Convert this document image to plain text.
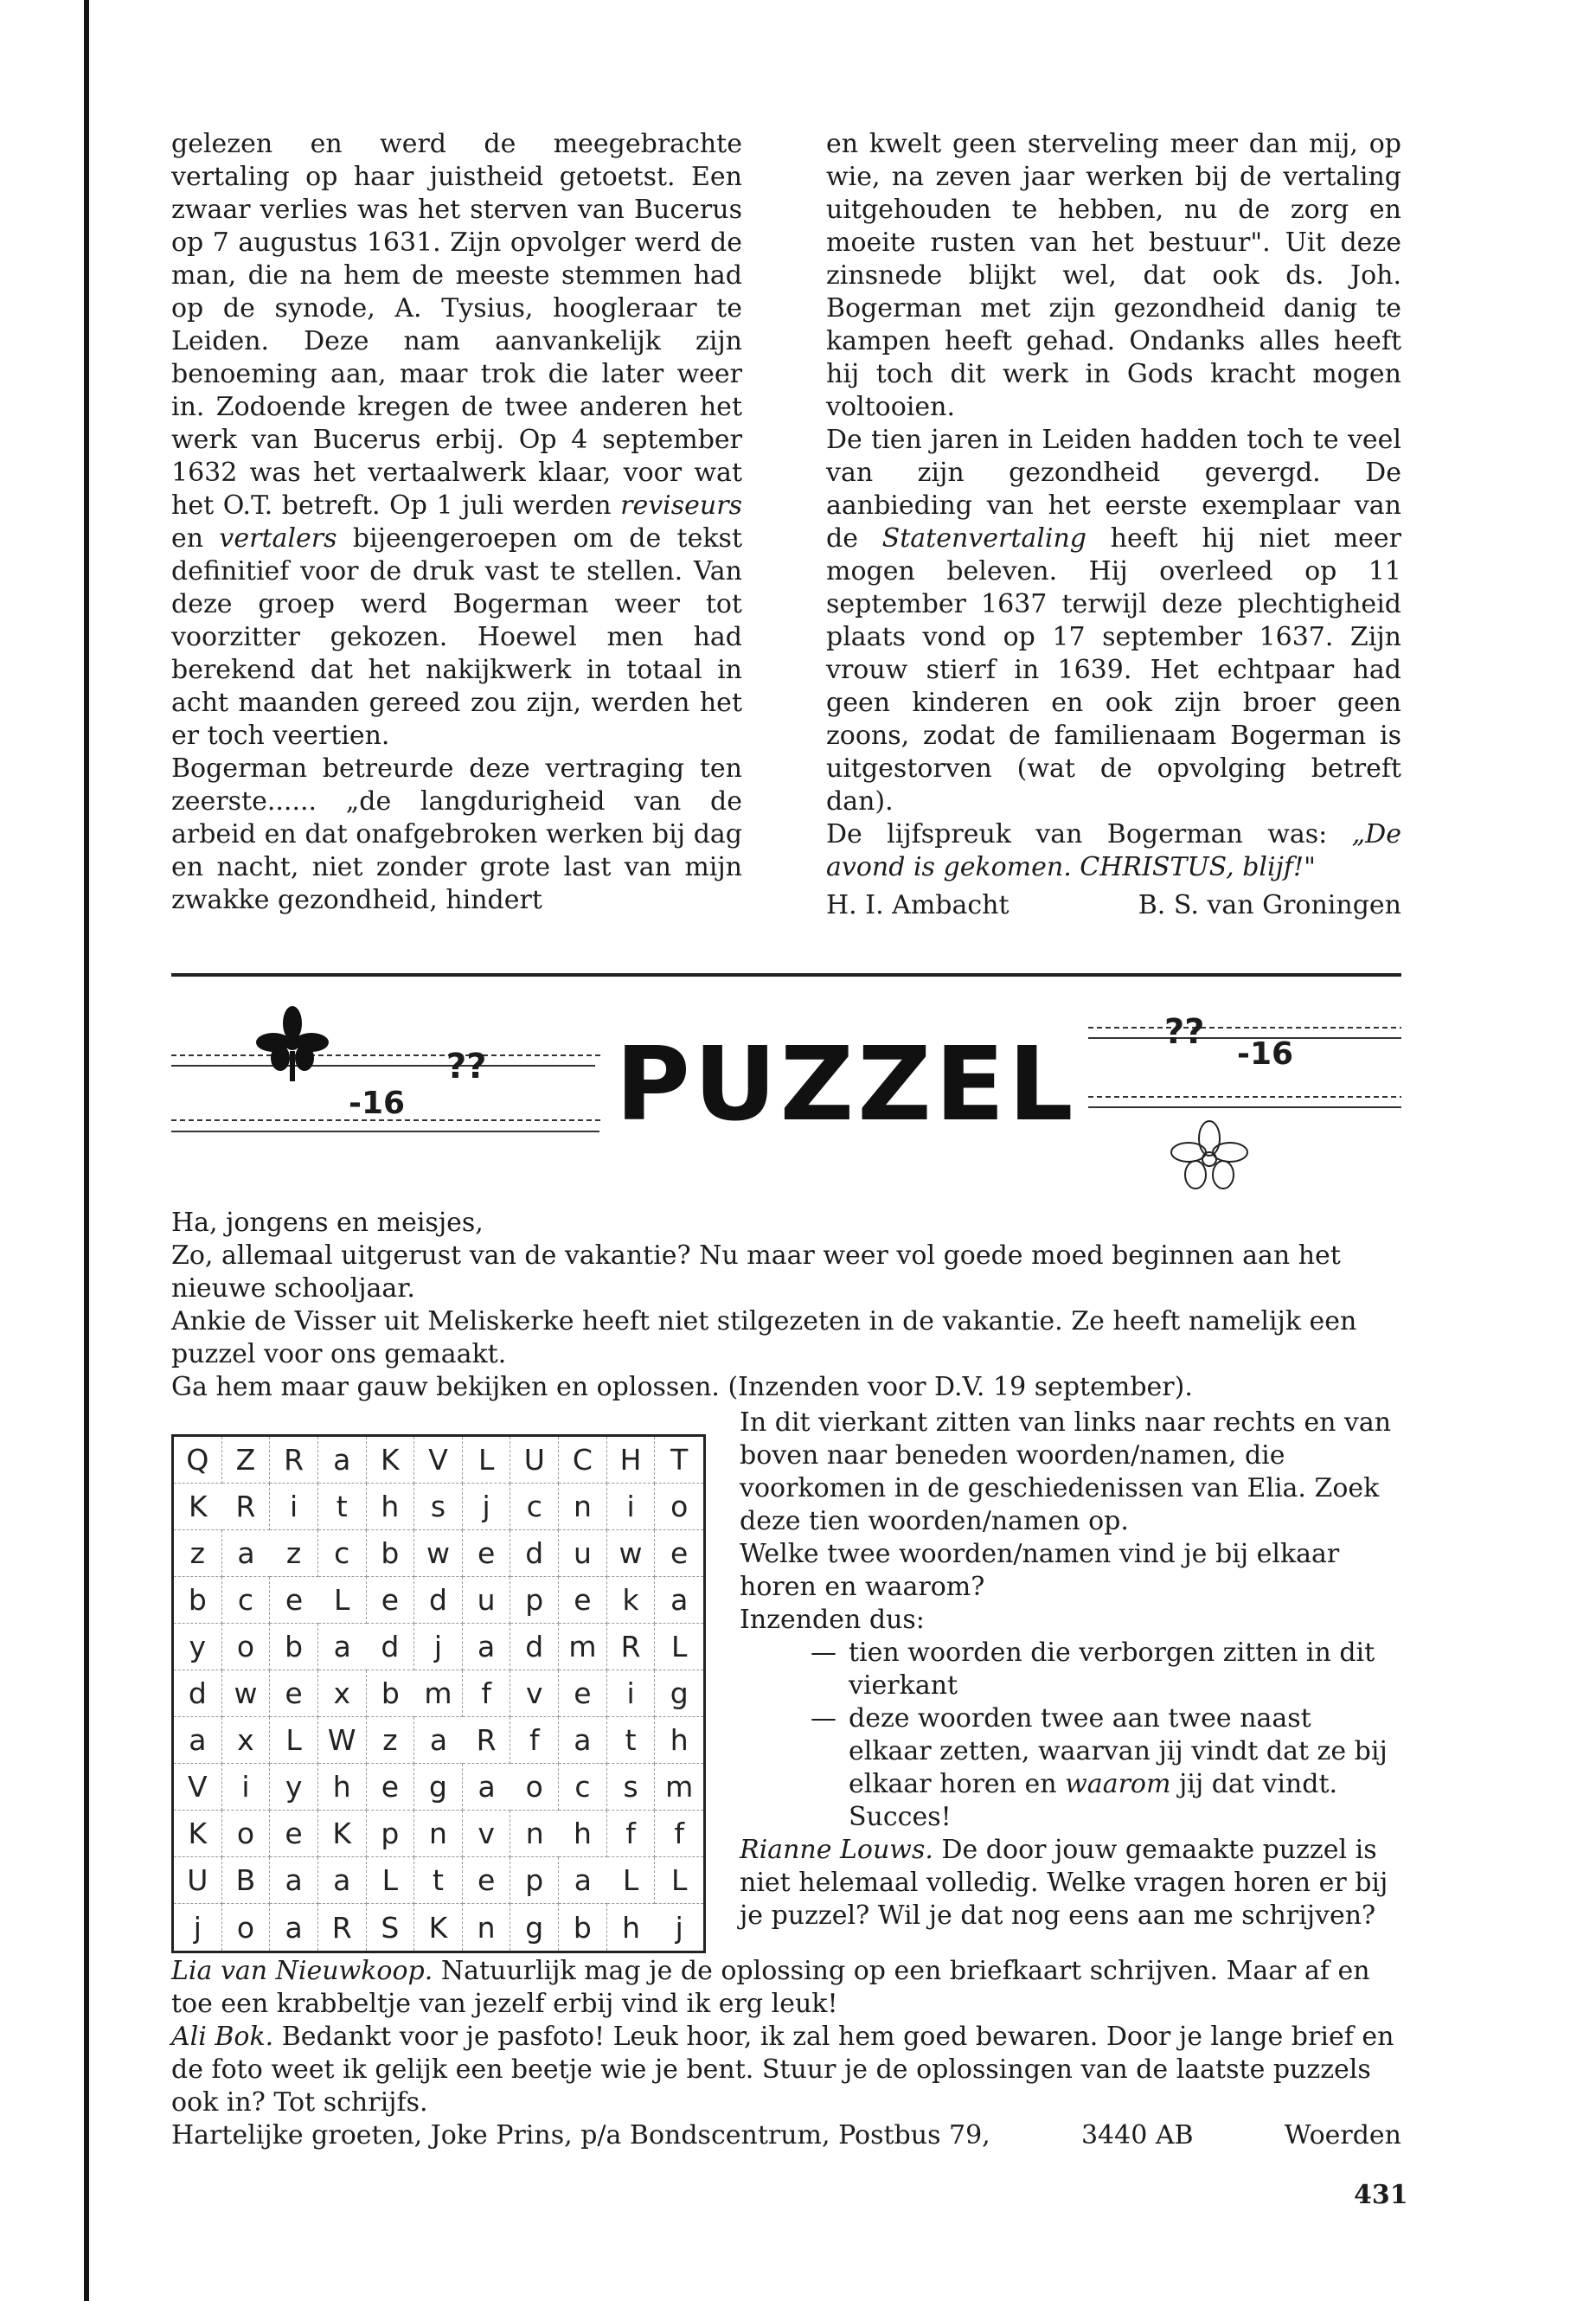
gelezen en werd de meegebrachte vertaling op haar juistheid getoetst. Een zwaar verlies was het sterven van Bucerus op 7 augustus 1631. Zijn opvolger werd de man, die na hem de meeste stemmen had op de synode, A. Tysius, hoogleraar te Leiden. Deze nam aanvankelijk zijn benoeming aan, maar trok die later weer in. Zodoende kregen de twee anderen het werk van Bucerus erbij. Op 4 september 1632 was het vertaalwerk klaar, voor wat het O.T. betreft. Op 1 juli werden reviseurs en vertalers bijeengeroepen om de tekst definitief voor de druk vast te stellen. Van deze groep werd Bogerman weer tot voorzitter gekozen. Hoewel men had berekend dat het nakijkwerk in totaal in acht maanden gereed zou zijn, werden het er toch veertien.

Bogerman betreurde deze vertraging ten zeerste...... „de langdurigheid van de arbeid en dat onafgebroken werken bij dag en nacht, niet zonder grote last van mijn zwakke gezondheid, hindert

en kwelt geen sterveling meer dan mij, op wie, na zeven jaar werken bij de vertaling uitgehouden te hebben, nu de zorg en moeite rusten van het bestuur". Uit deze zinsnede blijkt wel, dat ook ds. Joh. Bogerman met zijn gezondheid danig te kampen heeft gehad. Ondanks alles heeft hij toch dit werk in Gods kracht mogen voltooien.

De tien jaren in Leiden hadden toch te veel van zijn gezondheid gevergd. De aanbieding van het eerste exemplaar van de Statenvertaling heeft hij niet meer mogen beleven. Hij overleed op 11 september 1637 terwijl deze plechtigheid plaats vond op 17 september 1637. Zijn vrouw stierf in 1639. Het echtpaar had geen kinderen en ook zijn broer geen zoons, zodat de familienaam Bogerman is uitgestorven (wat de opvolging betreft dan).

De lijfspreuk van Bogerman was: „De avond is gekomen. CHRISTUS, blijf!"

H. I. Ambacht	B. S. van Groningen
??
-16 PUZZEL	??
-16

Ha, jongens en meisjes,

Zo, allemaal uitgerust van de vakantie? Nu maar weer vol goede moed beginnen aan het nieuwe schooljaar.

Ankie de Visser uit Meliskerke heeft niet stilgezeten in de vakantie. Ze heeft namelijk een puzzel voor ons gemaakt.

Ga hem maar gauw bekijken en oplossen. (Inzenden voor D.V. 19 september).

Q Z R	a	K	V	L	U C H	T
K R	i	t	h	s	j	c	n	i	o
z	a	z	c	b w e	d	u w e
b	c	e	L	e	d	u	p	e	k	a
y	o	b	a	d	j	a	d m R	L
d w e	x	b m	f	v	e	i	g
a	x	L W z	a	R	f	a	t	h
V	i	y	h	e	g	a	o	c	s m
K	o	e	K	p	n	v	n	h	f	f
U B	a	a	L	t	e	p	a	L	L
j	o	a	R	S	K	n	g	b	h	j

In dit vierkant zitten van links naar rechts en van boven naar beneden woorden/namen, die voorkomen in de geschiedenissen van Elia. Zoek deze tien woorden/namen op.

Welke twee woorden/namen vind je bij elkaar horen en waarom?

Inzenden dus:

— tien woorden die verborgen zitten in dit vierkant
— deze woorden twee aan twee naast elkaar zetten, waarvan jij vindt dat ze bij elkaar horen en waarom jij dat vindt. Succes!

Rianne Louws. De door jouw gemaakte puzzel is niet helemaal volledig. Welke vragen horen er bij je puzzel? Wil je dat nog eens aan me schrijven?

Lia van Nieuwkoop. Natuurlijk mag je de oplossing op een briefkaart schrijven. Maar af en toe een krabbeltje van jezelf erbij vind ik erg leuk!

Ali Bok. Bedankt voor je pasfoto! Leuk hoor, ik zal hem goed bewaren. Door je lange brief en de foto weet ik gelijk een beetje wie je bent. Stuur je de oplossingen van de laatste puzzels ook in? Tot schrijfs.

Hartelijke groeten, Joke Prins, p/a Bondscentrum, Postbus 79,	3440 AB	Woerden
431
